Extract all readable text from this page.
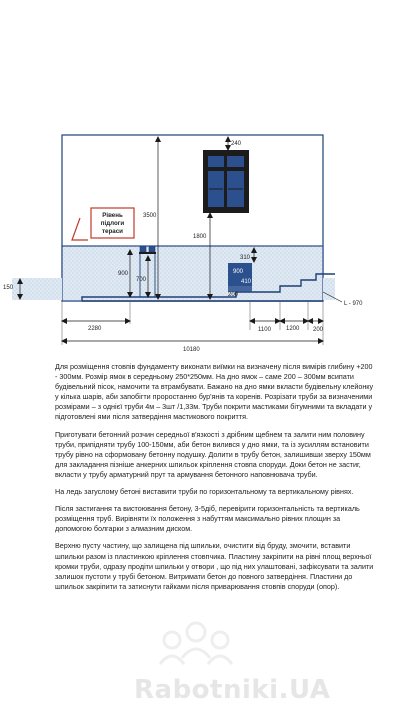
Рівень
підлоги
тераси
240
3500
1800
310
900
410
200
900
700
150
L - 970
2280	1100	1200 200
10180

Для розміщення стовпів фундаменту виконати виїмки на визначену після вимірів глибину +200 - 300мм. Розмір ямок в середньому 250*250мм. На дно ямок – саме 200 – 300мм всипати будівельний пісок, намочити та втрамбувати. Бажано на дно ямки вкласти будівельну клейонку у кілька шарів, аби запобігти проростанню бур'янів та коренів. Розрізати труби за визначеними розмірами – з однієї труби 4м – 3шт /1,33м. Труби покрити мастиками бітумними та вкладати у підготовлені ями після затвердіння мастикового покриття.

Приготувати бетонний розчин середньої в'язкості з дрібним щебнем та залити ним половину труби, припідняти трубу 100-150мм, аби бетон вилився у дно ямки, та із зусиллям встановити трубу рівно на сформовану бетонну подушку. Долити в трубу бетон, залишивши зверху 150мм для закладання пізніше анкерних шпильок кріплення стовпа споруди. Доки бетон не застиг, вкласти у трубу арматурний прут та армування бетонного наповнювача труби.

На ледь загуслому бетоні виставити труби по горизонтальному та вертикальному рівнях.

Після застигання та вистоювання бетону, 3-5діб, перевірити горизонтальність та вертикаль розміщення труб. Вирівняти їх положення з набуттям максимально рівних площин за допомогою болгарки з алмазним диском.

Верхню пусту частину, що залищена під шпильки, очистити від бруду, змочити, вставити шпильки разом із пластинкою кріплення стовпчика. Пластину закріпити на рівні площ верхньої кромки труби, одразу пpoдіти шпильки у отвори , що під них улаштовані, зафіксувати та залити залишок пустоти у трубі бетоном. Витримати бетон до повного затвердіння. Пластини до шпильок закріпити та затиснути гайками після привaрювання стовпів споруди (опор).

Rabotniki.UA
